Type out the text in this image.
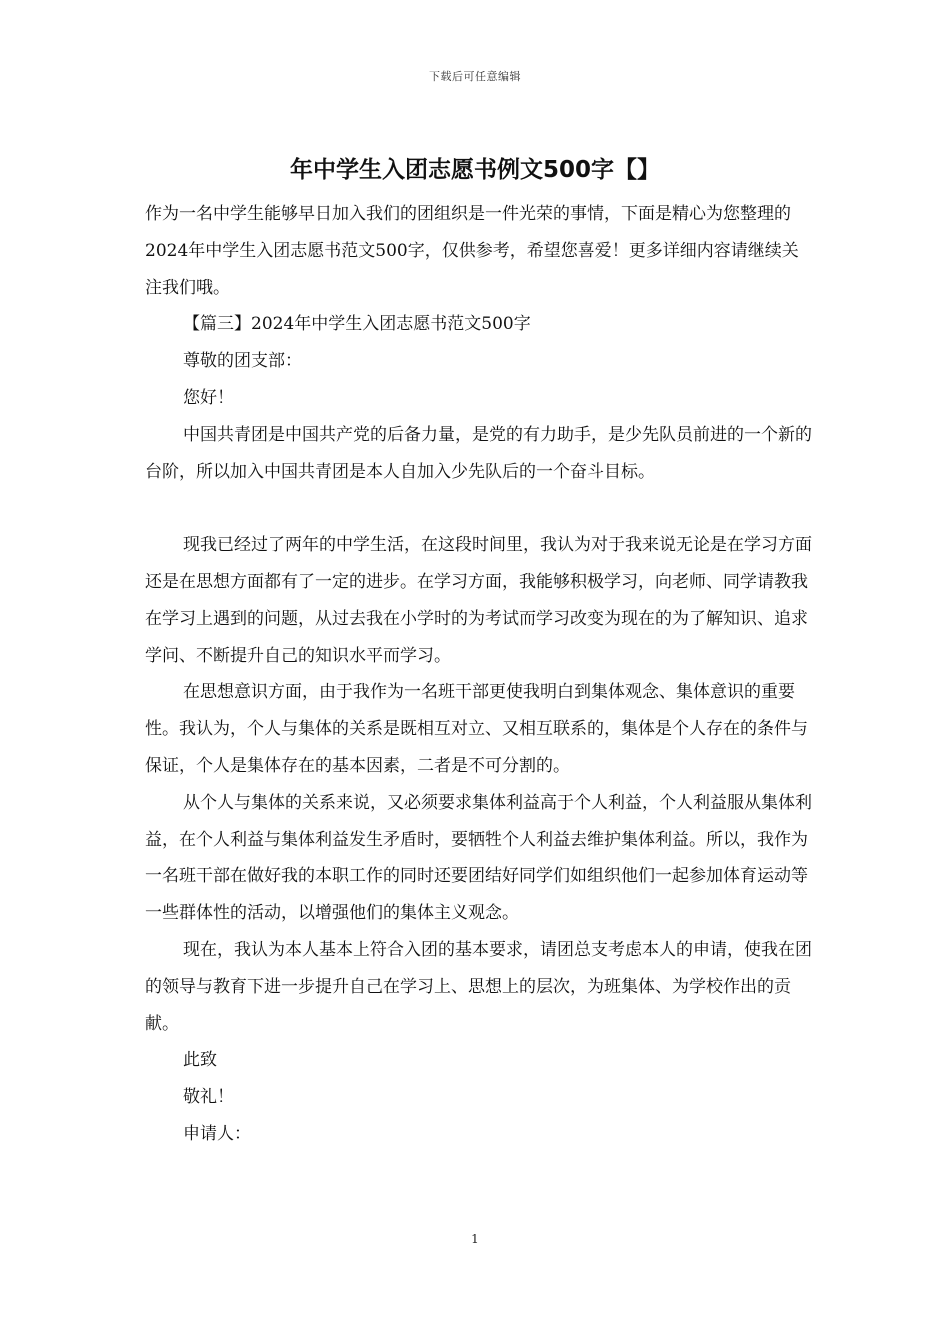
下载后可任意编辑
年中学生入团志愿书例文500字【】

作为一名中学生能够早日加入我们的团组织是一件光荣的事情，下面是精心为您整理的2024年中学生入团志愿书范文500字，仅供参考，希望您喜爱！更多详细内容请继续关注我们哦。

【篇三】2024年中学生入团志愿书范文500字

尊敬的团支部：

您好！

中国共青团是中国共产党的后备力量，是党的有力助手，是少先队员前进的一个新的台阶，所以加入中国共青团是本人自加入少先队后的一个奋斗目标。

现我已经过了两年的中学生活，在这段时间里，我认为对于我来说无论是在学习方面还是在思想方面都有了一定的进步。在学习方面，我能够积极学习，向老师、同学请教我在学习上遇到的问题，从过去我在小学时的为考试而学习改变为现在的为了解知识、追求学问、不断提升自己的知识水平而学习。

在思想意识方面，由于我作为一名班干部更使我明白到集体观念、集体意识的重要性。我认为，个人与集体的关系是既相互对立、又相互联系的，集体是个人存在的条件与保证，个人是集体存在的基本因素，二者是不可分割的。

从个人与集体的关系来说，又必须要求集体利益高于个人利益，个人利益服从集体利益，在个人利益与集体利益发生矛盾时，要牺牲个人利益去维护集体利益。所以，我作为一名班干部在做好我的本职工作的同时还要团结好同学们如组织他们一起参加体育运动等一些群体性的活动，以增强他们的集体主义观念。

现在，我认为本人基本上符合入团的基本要求，请团总支考虑本人的申请，使我在团的领导与教育下进一步提升自己在学习上、思想上的层次，为班集体、为学校作出的贡献。

此致

敬礼！

申请人：

1
